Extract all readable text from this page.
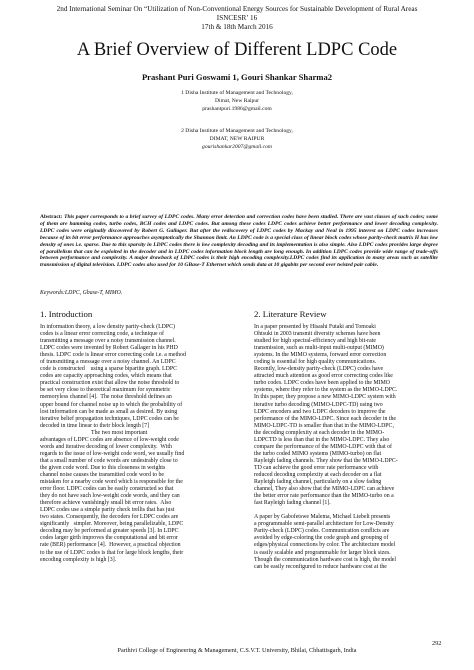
2nd International Seminar On “Utilization of Non-Conventional Energy Sources for Sustainable Development of Rural Areas
ISNCESR’ 16
17th & 18th March 2016
A Brief Overview of Different LDPC Code
Prashant Puri Goswami 1, Gouri Shankar Sharma2
1 Disha Institute of Management and Technology,
Dimat, New Raipur
prashantpuri.1986@gmail.com
2 Disha Institute of Management and Technology,
DIMAT, NEW RAIPUR
gourishankar2007@gmail.com
Abstract: This paper corresponds to a brief survey of LDPC codes. Many error detection and correction codes have been studied. There are vast classes of such codes; some of them are hamming codes, turbo codes, BCH codes and LDPC codes. But among these codes LDPC codes achieve better performance and lower decoding complexity. LDPC codes were originally discovered by Robert G. Gallager. But after the rediscovery of LDPC codes by Mackay and Neal in 1995 interest on LDPC codes increases because of its bit error performance approaches asymptotically the Shannon limit. An LDPC code is a special class of linear block codes whose parity-check matrix H has low density of ones i.e. sparse. Due to this sparsity in LDPC codes there is low complexity decoding and its implementation is also simple. Also LDPC codes provides large degree of parallelism that can be exploited in the decoder and in LDPC codes information block length are long enough. In addition LDPC codes provide wide range of trade-offs between performance and complexity. A major drawback of LDPC codes is their high encoding complexity.LDPC codes find its application in many areas such as satellite transmission of digital television. LDPC codes also used for 10 GBase-T Ethernet which sends data at 10 gigabits per second over twisted pair cable.
Keywords:LDPC, Gbase-T, MIMO.
1. Introduction	2. Literature Review
In information theory, a low density parity-check (LDPC)
codes is a linear error correcting code, a technique of
transmitting a message over a noisy transmission channel.
LDPC codes were invented by Robert Gallager in his PHD
thesis. LDPC code is linear error correcting code i.e. a method
of transmitting a message over a noisy channel. An LDPC
code is constructed    using a sparse bipartite graph. LDPC
codes are capacity approaching codes, which means that
practical construction exist that allow the noise threshold to
be set very close to theoretical maximum for symmetric
memoryless channel [4].  The noise threshold defines an
upper bound for channel noise up to which the probability of
lost information can be made as small as desired. By using
iterative belief propagation techniques, LDPC codes can be
decoded in time linear to their block length [7]
The two most important
advantages of LDPC codes are absence of low-weight code
words and iterative decoding of lower complexity.  With
regards to the issue of low-weight code word, we usually find
that a small number of code words are undesirably close to
the given code word. Due to this closeness in weights
channel noise causes the transmitted code word to be
mistaken for a nearby code word which is responsible for the
error floor. LDPC codes can be easily constructed so that
they do not have such low-weight code words, and they can
therefore achieve vanishingly small bit error rates.  Also
LDPC codes use a simple parity check trellis that has just
two states. Consequently, the decoders for LDPC codes are
significantly   simpler. Moreover, being parallelizable, LDPC
decoding may be performed at greater speeds [3]. In LDPC
codes larger girth improves the computational and bit error
rate (BER) performance [4].  However, a practical objection
to the use of LDPC codes is that for large block lengths, their
encoding complexity is high [3].
In a paper presented by Hisashi Futaki and Tomoaki
Ohtsuki in 2003 transmit diversity schemes have been
studied for high spectral-efficiency and high bit-rate
transmission, such as multi-input multi-output (MIMO)
systems. In the MIMO systems, forward error correction
coding is essential for high quality communications.
Recently, low-density parity-check (LDPC) codes have
attracted much attention as good error correcting codes like
turbo codes. LDPC codes have been applied to the MIMO
systems, where they refer to the system as the MIMO-LDPC.
In this paper, they propose a new MIMO-LDPC system with
iterative turbo decoding (MIMO-LDPC-TD) using two
LDPC encoders and two LDPC decoders to improve the
performance of the MIMO-LDPC. Since each decoder in the
MIMO-LDPC-TD is smaller than that in the MIMO-LDPC,
the decoding complexity at each decoder in the MIMO-
LDPCTD is less than that in the MIMO-LDPC. They also
compare the performance of the MIMO-LDPC with that of
the turbo coded MIMO systems (MIMO-turbo) on flat
Rayleigh fading channels. They show that the MIMO-LDPC-
TD can achieve the good error rate performance with
reduced decoding complexity at each decoder on a flat
Rayleigh fading channel, particularly on a slow fading
channel, They also show that the MIMO-LDPC can achieve
the better error rate performance than the MIMO-turbo on a
fast Rayleigh fading channel [1].
A paper by Gabofetswe Malema, Michael Liebelt presents
a programmable semi-parallel architecture for Low-Density
Parity-check (LDPC) codes. Communication conflicts are
avoided by edge-coloring the code graph and grouping of
edges/physical connections by color. The architecture model
is easily scalable and programmable for larger block sizes.
Though the communication hardware cost is high, the model
can be easily reconfigured to reduce hardware cost at the
292
Parthivi College of Engineering & Management, C.S.V.T. University, Bhilai, Chhattisgarh, India
